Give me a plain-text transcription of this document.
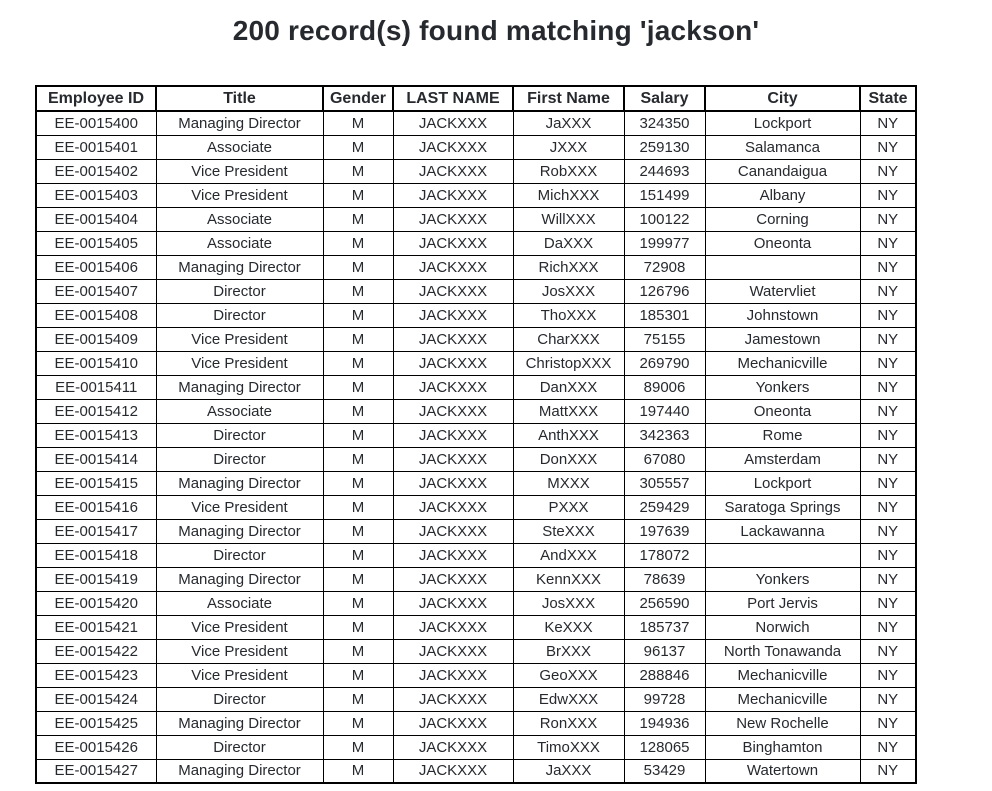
200 record(s) found matching 'jackson'
Employee ID	Title	Gender	LAST NAME	First Name	Salary	City	State
EE-0015400	Managing Director	M	JACKXXX	JaXXX	324350	Lockport	NY
EE-0015401	Associate	M	JACKXXX	JXXX	259130	Salamanca	NY
EE-0015402	Vice President	M	JACKXXX	RobXXX	244693	Canandaigua	NY
EE-0015403	Vice President	M	JACKXXX	MichXXX	151499	Albany	NY
EE-0015404	Associate	M	JACKXXX	WillXXX	100122	Corning	NY
EE-0015405	Associate	M	JACKXXX	DaXXX	199977	Oneonta	NY
EE-0015406	Managing Director	M	JACKXXX	RichXXX	72908		NY
EE-0015407	Director	M	JACKXXX	JosXXX	126796	Watervliet	NY
EE-0015408	Director	M	JACKXXX	ThoXXX	185301	Johnstown	NY
EE-0015409	Vice President	M	JACKXXX	CharXXX	75155	Jamestown	NY
EE-0015410	Vice President	M	JACKXXX	ChristopXXX	269790	Mechanicville	NY
EE-0015411	Managing Director	M	JACKXXX	DanXXX	89006	Yonkers	NY
EE-0015412	Associate	M	JACKXXX	MattXXX	197440	Oneonta	NY
EE-0015413	Director	M	JACKXXX	AnthXXX	342363	Rome	NY
EE-0015414	Director	M	JACKXXX	DonXXX	67080	Amsterdam	NY
EE-0015415	Managing Director	M	JACKXXX	MXXX	305557	Lockport	NY
EE-0015416	Vice President	M	JACKXXX	PXXX	259429	Saratoga Springs	NY
EE-0015417	Managing Director	M	JACKXXX	SteXXX	197639	Lackawanna	NY
EE-0015418	Director	M	JACKXXX	AndXXX	178072		NY
EE-0015419	Managing Director	M	JACKXXX	KennXXX	78639	Yonkers	NY
EE-0015420	Associate	M	JACKXXX	JosXXX	256590	Port Jervis	NY
EE-0015421	Vice President	M	JACKXXX	KeXXX	185737	Norwich	NY
EE-0015422	Vice President	M	JACKXXX	BrXXX	96137	North Tonawanda	NY
EE-0015423	Vice President	M	JACKXXX	GeoXXX	288846	Mechanicville	NY
EE-0015424	Director	M	JACKXXX	EdwXXX	99728	Mechanicville	NY
EE-0015425	Managing Director	M	JACKXXX	RonXXX	194936	New Rochelle	NY
EE-0015426	Director	M	JACKXXX	TimoXXX	128065	Binghamton	NY
EE-0015427	Managing Director	M	JACKXXX	JaXXX	53429	Watertown	NY
